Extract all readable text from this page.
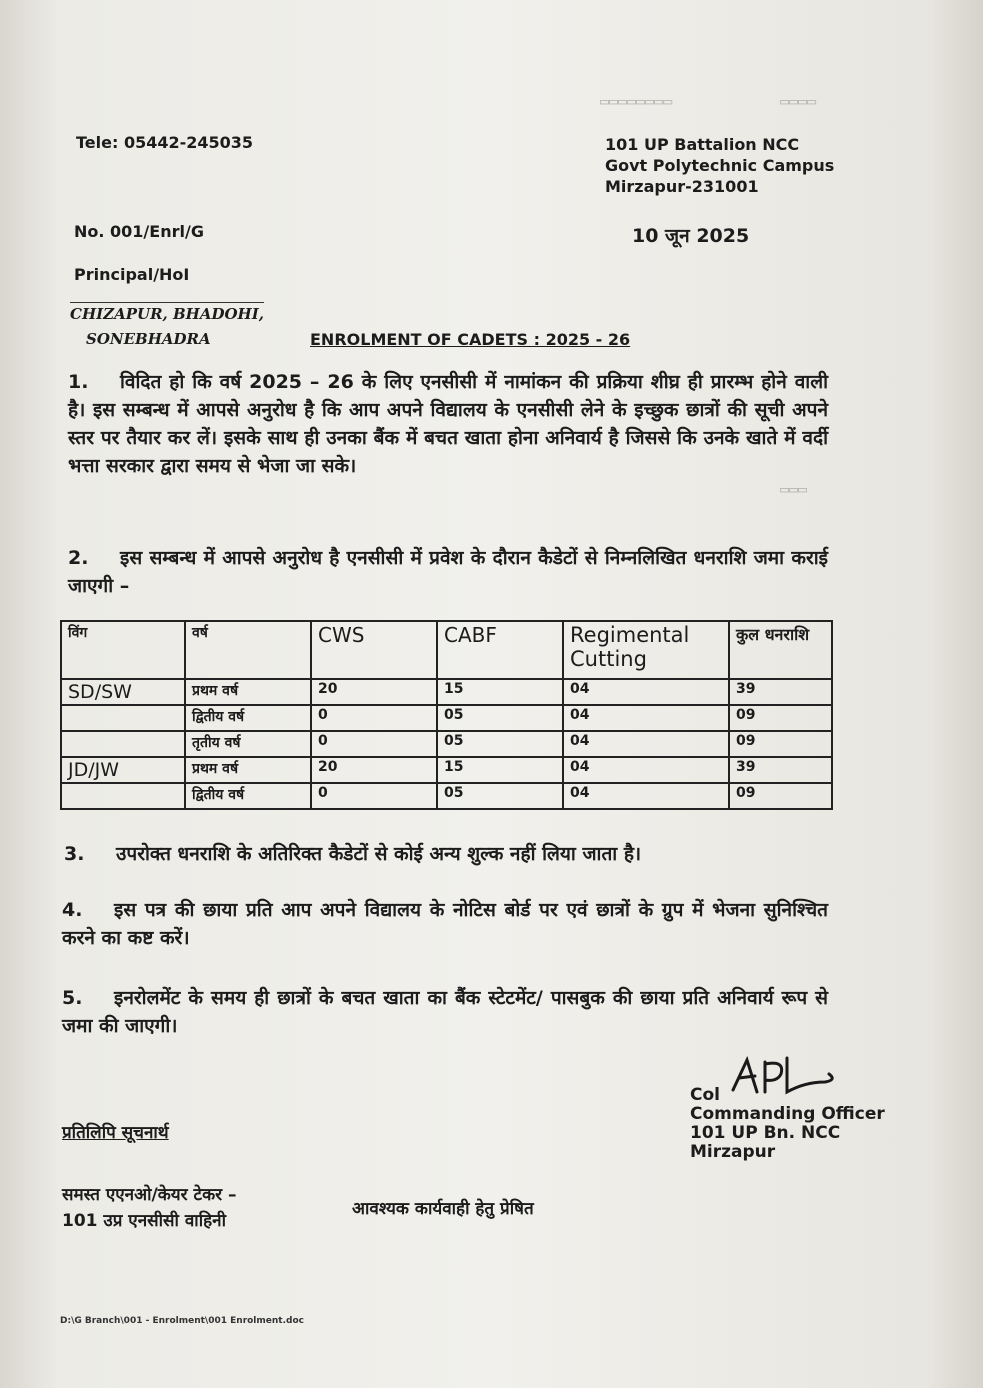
▭▭▭▭▭▭▭▭	▭▭▭▭
▭▭▭
Tele: 05442-245035	101 UP Battalion NCC
Govt Polytechnic Campus
Mirzapur-231001
No. 001/Enrl/G	10 जून 2025
Principal/HoI
CHIZAPUR, BHADOHI,
SONEBHADRA	ENROLMENT OF CADETS : 2025 - 26
1. विदित हो कि वर्ष 2025 – 26 के लिए एनसीसी में नामांकन की प्रक्रिया शीघ्र ही प्रारम्भ होने वाली है। इस सम्बन्ध में आपसे अनुरोध है कि आप अपने विद्यालय के एनसीसी लेने के इच्छुक छात्रों की सूची अपने स्तर पर तैयार कर लें। इसके साथ ही उनका बैंक में बचत खाता होना अनिवार्य है जिससे कि उनके खाते में वर्दी भत्ता सरकार द्वारा समय से भेजा जा सके।
2. इस सम्बन्ध में आपसे अनुरोध है एनसीसी में प्रवेश के दौरान कैडेटों से निम्नलिखित धनराशि जमा कराई जाएगी –
विंग	वर्ष	CWS	CABF	Regimental Cutting	कुल धनराशि
SD/SW	प्रथम वर्ष	20	15	04	39
	द्वितीय वर्ष	0	05	04	09
	तृतीय वर्ष	0	05	04	09
JD/JW	प्रथम वर्ष	20	15	04	39
	द्वितीय वर्ष	0	05	04	09
3. उपरोक्त धनराशि के अतिरिक्त कैडेटों से कोई अन्य शुल्क नहीं लिया जाता है।
4. इस पत्र की छाया प्रति आप अपने विद्यालय के नोटिस बोर्ड पर एवं छात्रों के ग्रुप में भेजना सुनिश्चित करने का कष्ट करें।
5. इनरोलमेंट के समय ही छात्रों के बचत खाता का बैंक स्टेटमेंट/ पासबुक की छाया प्रति अनिवार्य रूप से जमा की जाएगी।
Col
Commanding Officer
101 UP Bn. NCC
Mirzapur
प्रतिलिपि सूचनार्थ
समस्त एएनओ/केयर टेकर –
101 उप्र एनसीसी वाहिनी
आवश्यक कार्यवाही हेतु प्रेषित
D:\G Branch\001 - Enrolment\001 Enrolment.doc
